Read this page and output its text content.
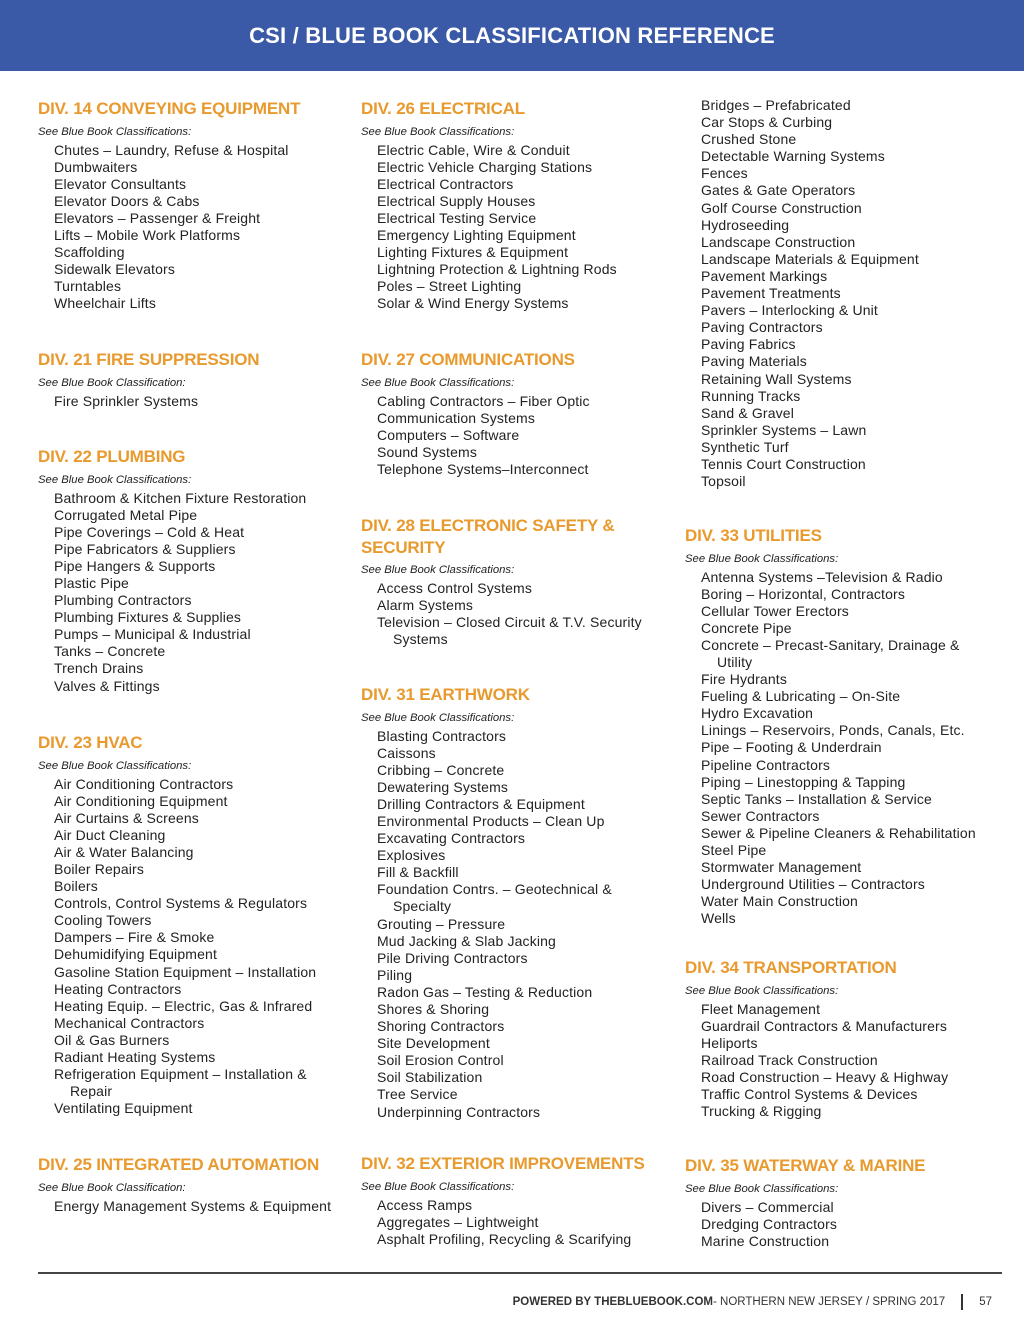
CSI / BLUE BOOK CLASSIFICATION REFERENCE
DIV. 14 CONVEYING EQUIPMENT
See Blue Book Classifications:
Chutes – Laundry, Refuse & Hospital
Dumbwaiters
Elevator Consultants
Elevator Doors & Cabs
Elevators – Passenger & Freight
Lifts – Mobile Work Platforms
Scaffolding
Sidewalk Elevators
Turntables
Wheelchair Lifts
DIV. 21 FIRE SUPPRESSION
See Blue Book Classification:
Fire Sprinkler Systems
DIV. 22 PLUMBING
See Blue Book Classifications:
Bathroom & Kitchen Fixture Restoration
Corrugated Metal Pipe
Pipe Coverings – Cold & Heat
Pipe Fabricators & Suppliers
Pipe Hangers & Supports
Plastic Pipe
Plumbing Contractors
Plumbing Fixtures & Supplies
Pumps – Municipal & Industrial
Tanks – Concrete
Trench Drains
Valves & Fittings
DIV. 23 HVAC
See Blue Book Classifications:
Air Conditioning Contractors
Air Conditioning Equipment
Air Curtains & Screens
Air Duct Cleaning
Air & Water Balancing
Boiler Repairs
Boilers
Controls, Control Systems & Regulators
Cooling Towers
Dampers – Fire & Smoke
Dehumidifying Equipment
Gasoline Station Equipment – Installation
Heating Contractors
Heating Equip. – Electric, Gas & Infrared
Mechanical Contractors
Oil & Gas Burners
Radiant Heating Systems
Refrigeration Equipment – Installation &
Repair
Ventilating Equipment
DIV. 25 INTEGRATED AUTOMATION
See Blue Book Classification:
Energy Management Systems & Equipment
DIV. 26 ELECTRICAL
See Blue Book Classifications:
Electric Cable, Wire & Conduit
Electric Vehicle Charging Stations
Electrical Contractors
Electrical Supply Houses
Electrical Testing Service
Emergency Lighting Equipment
Lighting Fixtures & Equipment
Lightning Protection & Lightning Rods
Poles – Street Lighting
Solar & Wind Energy Systems
DIV. 27 COMMUNICATIONS
See Blue Book Classifications:
Cabling Contractors – Fiber Optic
Communication Systems
Computers – Software
Sound Systems
Telephone Systems–Interconnect
DIV. 28 ELECTRONIC SAFETY & SECURITY
See Blue Book Classifications:
Access Control Systems
Alarm Systems
Television – Closed Circuit & T.V. Security
Systems
DIV. 31 EARTHWORK
See Blue Book Classifications:
Blasting Contractors
Caissons
Cribbing – Concrete
Dewatering Systems
Drilling Contractors & Equipment
Environmental Products – Clean Up
Excavating Contractors
Explosives
Fill & Backfill
Foundation Contrs. – Geotechnical &
Specialty
Grouting – Pressure
Mud Jacking & Slab Jacking
Pile Driving Contractors
Piling
Radon Gas – Testing & Reduction
Shores & Shoring
Shoring Contractors
Site Development
Soil Erosion Control
Soil Stabilization
Tree Service
Underpinning Contractors
DIV. 32 EXTERIOR IMPROVEMENTS
See Blue Book Classifications:
Access Ramps
Aggregates – Lightweight
Asphalt Profiling, Recycling & Scarifying
Bridges – Prefabricated
Car Stops & Curbing
Crushed Stone
Detectable Warning Systems
Fences
Gates & Gate Operators
Golf Course Construction
Hydroseeding
Landscape Construction
Landscape Materials & Equipment
Pavement Markings
Pavement Treatments
Pavers – Interlocking & Unit
Paving Contractors
Paving Fabrics
Paving Materials
Retaining Wall Systems
Running Tracks
Sand & Gravel
Sprinkler Systems – Lawn
Synthetic Turf
Tennis Court Construction
Topsoil
DIV. 33 UTILITIES
See Blue Book Classifications:
Antenna Systems –Television & Radio
Boring – Horizontal, Contractors
Cellular Tower Erectors
Concrete Pipe
Concrete – Precast-Sanitary, Drainage &
Utility
Fire Hydrants
Fueling & Lubricating – On-Site
Hydro Excavation
Linings – Reservoirs, Ponds, Canals, Etc.
Pipe – Footing & Underdrain
Pipeline Contractors
Piping – Linestopping & Tapping
Septic Tanks – Installation & Service
Sewer Contractors
Sewer & Pipeline Cleaners & Rehabilitation
Steel Pipe
Stormwater Management
Underground Utilities – Contractors
Water Main Construction
Wells
DIV. 34 TRANSPORTATION
See Blue Book Classifications:
Fleet Management
Guardrail Contractors & Manufacturers
Heliports
Railroad Track Construction
Road Construction – Heavy & Highway
Traffic Control Systems & Devices
Trucking & Rigging
DIV. 35 WATERWAY & MARINE
See Blue Book Classifications:
Divers – Commercial
Dredging Contractors
Marine Construction
POWERED BY THEBLUEBOOK.COM - NORTHERN NEW JERSEY / SPRING 2017	57
